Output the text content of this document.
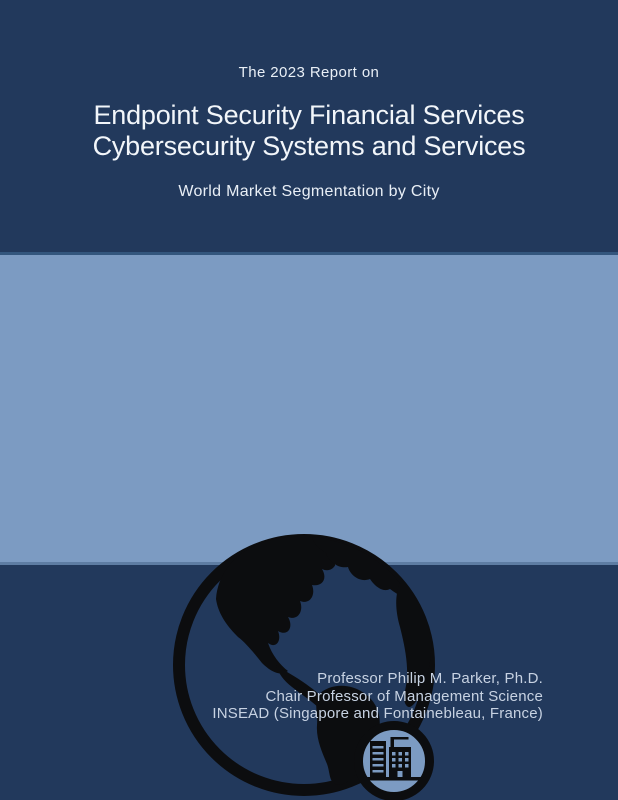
The 2023 Report on
Endpoint Security Financial Services
Cybersecurity Systems and Services
World Market Segmentation by City
Professor Philip M. Parker, Ph.D.
Chair Professor of Management Science
INSEAD (Singapore and Fontainebleau, France)
